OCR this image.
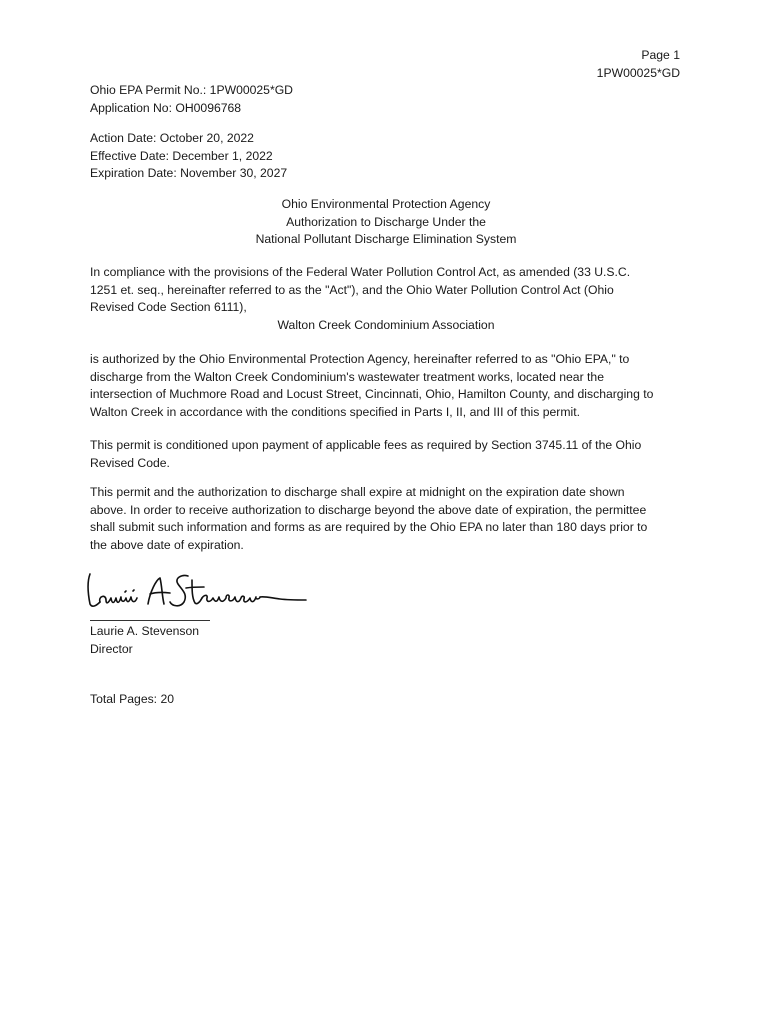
Page 1
1PW00025*GD
Ohio EPA Permit No.: 1PW00025*GD
Application No: OH0096768
Action Date: October 20, 2022
Effective Date: December 1, 2022
Expiration Date: November 30, 2027
Ohio Environmental Protection Agency
Authorization to Discharge Under the
National Pollutant Discharge Elimination System
In compliance with the provisions of the Federal Water Pollution Control Act, as amended (33 U.S.C.
1251 et. seq., hereinafter referred to as the "Act"), and the Ohio Water Pollution Control Act (Ohio
Revised Code Section 6111),
Walton Creek Condominium Association
is authorized by the Ohio Environmental Protection Agency, hereinafter referred to as "Ohio EPA," to
discharge from the Walton Creek Condominium's wastewater treatment works, located near the
intersection of Muchmore Road and Locust Street, Cincinnati, Ohio, Hamilton County, and discharging to
Walton Creek in accordance with the conditions specified in Parts I, II, and III of this permit.
This permit is conditioned upon payment of applicable fees as required by Section 3745.11 of the Ohio
Revised Code.
This permit and the authorization to discharge shall expire at midnight on the expiration date shown
above. In order to receive authorization to discharge beyond the above date of expiration, the permittee
shall submit such information and forms as are required by the Ohio EPA no later than 180 days prior to
the above date of expiration.
Laurie A. Stevenson
Director
Total Pages: 20
